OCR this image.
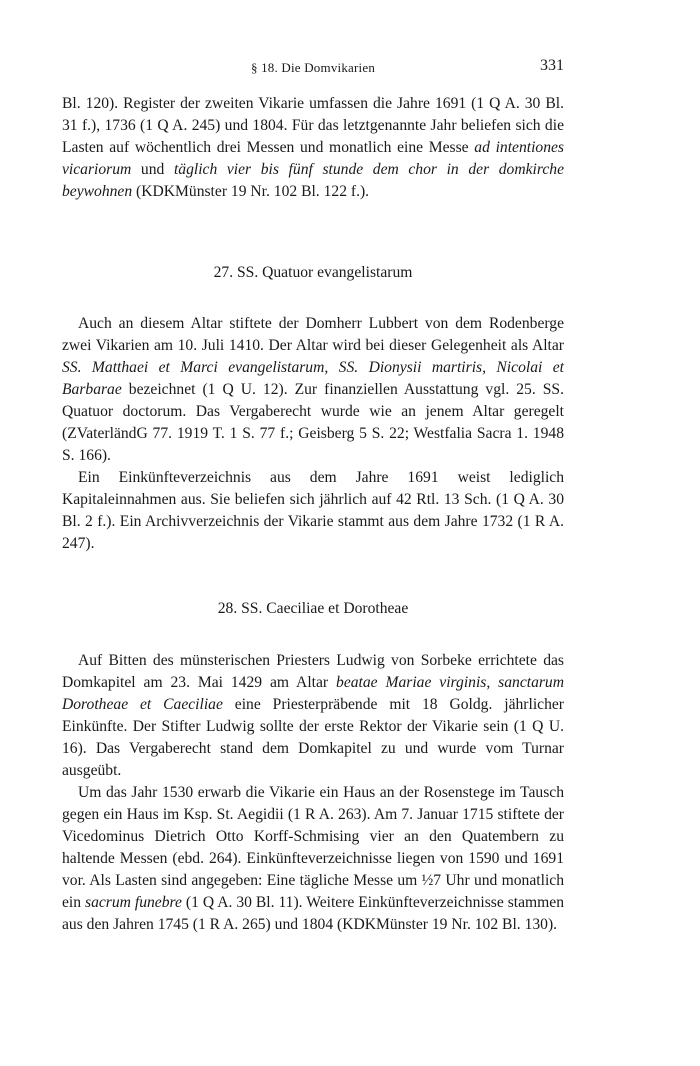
§ 18. Die Domvikarien	331

Bl. 120). Register der zweiten Vikarie umfassen die Jahre 1691 (1 Q A. 30 Bl. 31 f.), 1736 (1 Q A. 245) und 1804. Für das letztgenannte Jahr beliefen sich die Lasten auf wöchentlich drei Messen und monatlich eine Messe ad intentiones vicariorum und täglich vier bis fünf stunde dem chor in der domkirche beywohnen (KDKMünster 19 Nr. 102 Bl. 122 f.).

27. SS. Quatuor evangelistarum

Auch an diesem Altar stiftete der Domherr Lubbert von dem Rodenberge zwei Vikarien am 10. Juli 1410. Der Altar wird bei dieser Gelegenheit als Altar SS. Matthaei et Marci evangelistarum, SS. Dionysii martiris, Nicolai et Barbarae bezeichnet (1 Q U. 12). Zur finanziellen Ausstattung vgl. 25. SS. Quatuor doctorum. Das Vergaberecht wurde wie an jenem Altar geregelt (ZVaterländG 77. 1919 T. 1 S. 77 f.; Geisberg 5 S. 22; Westfalia Sacra 1. 1948 S. 166).

Ein Einkünfteverzeichnis aus dem Jahre 1691 weist lediglich Kapitaleinnahmen aus. Sie beliefen sich jährlich auf 42 Rtl. 13 Sch. (1 Q A. 30 Bl. 2 f.). Ein Archivverzeichnis der Vikarie stammt aus dem Jahre 1732 (1 R A. 247).

28. SS. Caeciliae et Dorotheae

Auf Bitten des münsterischen Priesters Ludwig von Sorbeke errichtete das Domkapitel am 23. Mai 1429 am Altar beatae Mariae virginis, sanctarum Dorotheae et Caeciliae eine Priesterpräbende mit 18 Goldg. jährlicher Einkünfte. Der Stifter Ludwig sollte der erste Rektor der Vikarie sein (1 Q U. 16). Das Vergaberecht stand dem Domkapitel zu und wurde vom Turnar ausgeübt.

Um das Jahr 1530 erwarb die Vikarie ein Haus an der Rosenstege im Tausch gegen ein Haus im Ksp. St. Aegidii (1 R A. 263). Am 7. Januar 1715 stiftete der Vicedominus Dietrich Otto Korff-Schmising vier an den Quatembern zu haltende Messen (ebd. 264). Einkünfteverzeichnisse liegen von 1590 und 1691 vor. Als Lasten sind angegeben: Eine tägliche Messe um ½7 Uhr und monatlich ein sacrum funebre (1 Q A. 30 Bl. 11). Weitere Einkünfteverzeichnisse stammen aus den Jahren 1745 (1 R A. 265) und 1804 (KDKMünster 19 Nr. 102 Bl. 130).
